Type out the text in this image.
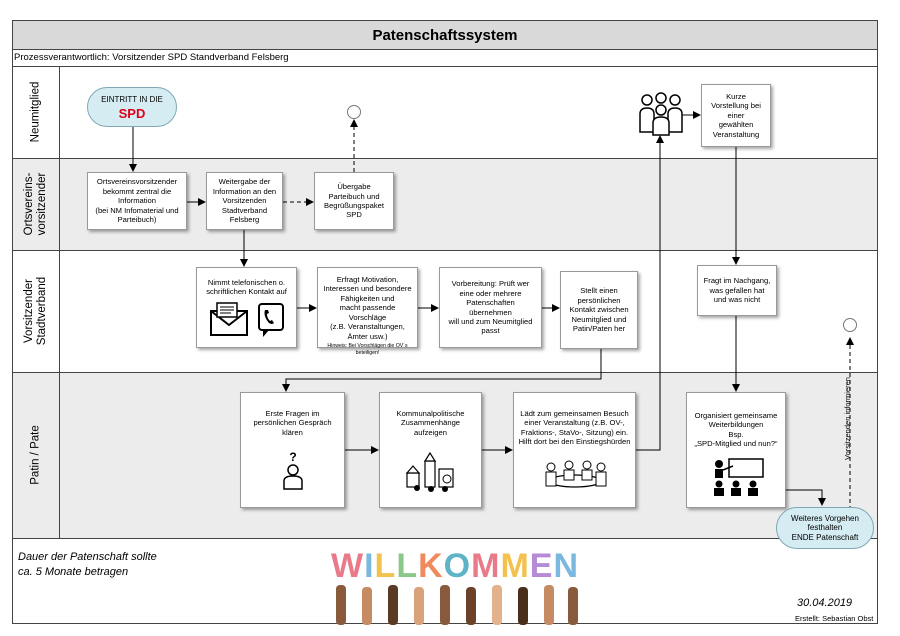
Patenschaftssystem
Prozessverantwortlich: Vorsitzender SPD Standverband Felsberg
Neumitglied
Ortsvereins- vorsitzender
Vorsitzender Stadtverband
Patin / Pate
EINTRITT IN DIE
SPD
Ortsvereinsvorsitzender
bekommt zentral die
Information
(bei NM Infomaterial und
Parteibuch)
Weitergabe der
Information an den
Vorsitzenden
Stadtverband
Felsberg
Übergabe
Parteibuch und
Begrüßungspaket
SPD
Nimmt telefonischen o.
schriftlichen Kontakt auf
Erfragt Motivation,
Interessen und besondere
Fähigkeiten und
macht passende Vorschläge
(z.B. Veranstaltungen,
Ämter usw.)
Hinweis: Bei Vorschlägen die OV´s beteiligen!
Vorbereitung: Prüft wer
eine oder mehrere
Patenschaften
übernehmen
will und zum Neumitglied
passt
Stellt einen
persönlichen
Kontakt zwischen
Neumitglied und
Patin/Paten her
Kurze
Vorstellung bei
einer
gewählten
Veranstaltung
Fragt im Nachgang,
was gefallen hat
und was nicht
Erste Fragen im
persönlichen Gespräch
klären
?
Kommunalpolitische
Zusammenhänge
aufzeigen
Lädt zum gemeinsamen Besuch
einer Veranstaltung (z.B. OV-,
Fraktions-, StaVo-, Sitzung) ein.
Hilft dort bei den Einstiegshürden
Organisiert gemeinsame
Weiterbildungen
Bsp.
„SPD-Mitglied und nun?“
Weiteres Vorgehen
festhalten
ENDE Patenschaft
Vorsitzenden informieren
Dauer der Patenschaft sollte
ca. 5 Monate betragen	WILLKOMMEN
30.04.2019
Erstellt: Sebastian Obst
